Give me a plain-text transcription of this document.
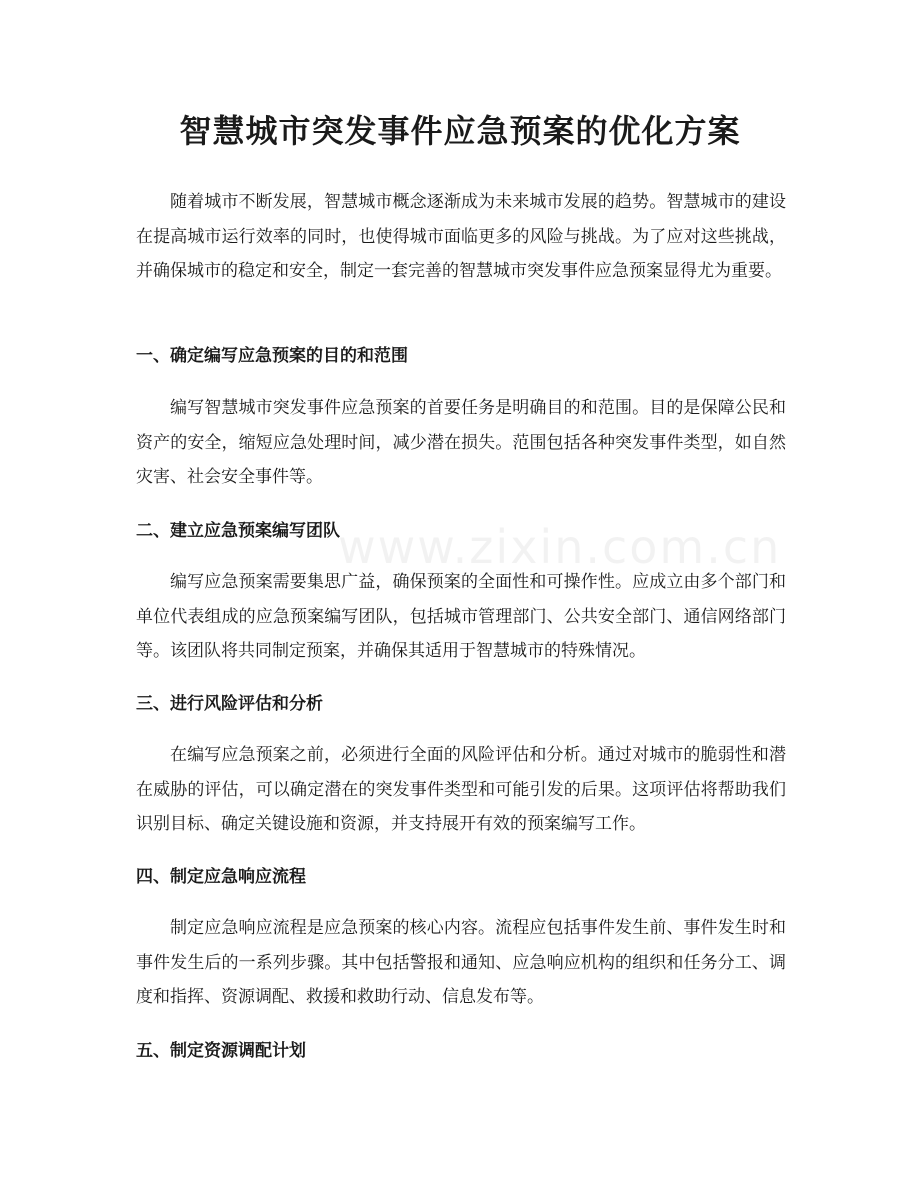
智慧城市突发事件应急预案的优化方案

随着城市不断发展，智慧城市概念逐渐成为未来城市发展的趋势。智慧城市的建设在提高城市运行效率的同时，也使得城市面临更多的风险与挑战。为了应对这些挑战，并确保城市的稳定和安全，制定一套完善的智慧城市突发事件应急预案显得尤为重要。

一、确定编写应急预案的目的和范围

编写智慧城市突发事件应急预案的首要任务是明确目的和范围。目的是保障公民和资产的安全，缩短应急处理时间，减少潜在损失。范围包括各种突发事件类型，如自然灾害、社会安全事件等。

二、建立应急预案编写团队

编写应急预案需要集思广益，确保预案的全面性和可操作性。应成立由多个部门和单位代表组成的应急预案编写团队，包括城市管理部门、公共安全部门、通信网络部门等。该团队将共同制定预案，并确保其适用于智慧城市的特殊情况。

三、进行风险评估和分析

在编写应急预案之前，必须进行全面的风险评估和分析。通过对城市的脆弱性和潜在威胁的评估，可以确定潜在的突发事件类型和可能引发的后果。这项评估将帮助我们识别目标、确定关键设施和资源，并支持展开有效的预案编写工作。

四、制定应急响应流程

制定应急响应流程是应急预案的核心内容。流程应包括事件发生前、事件发生时和事件发生后的一系列步骤。其中包括警报和通知、应急响应机构的组织和任务分工、调度和指挥、资源调配、救援和救助行动、信息发布等。

五、制定资源调配计划
www.zixin.com.cn
